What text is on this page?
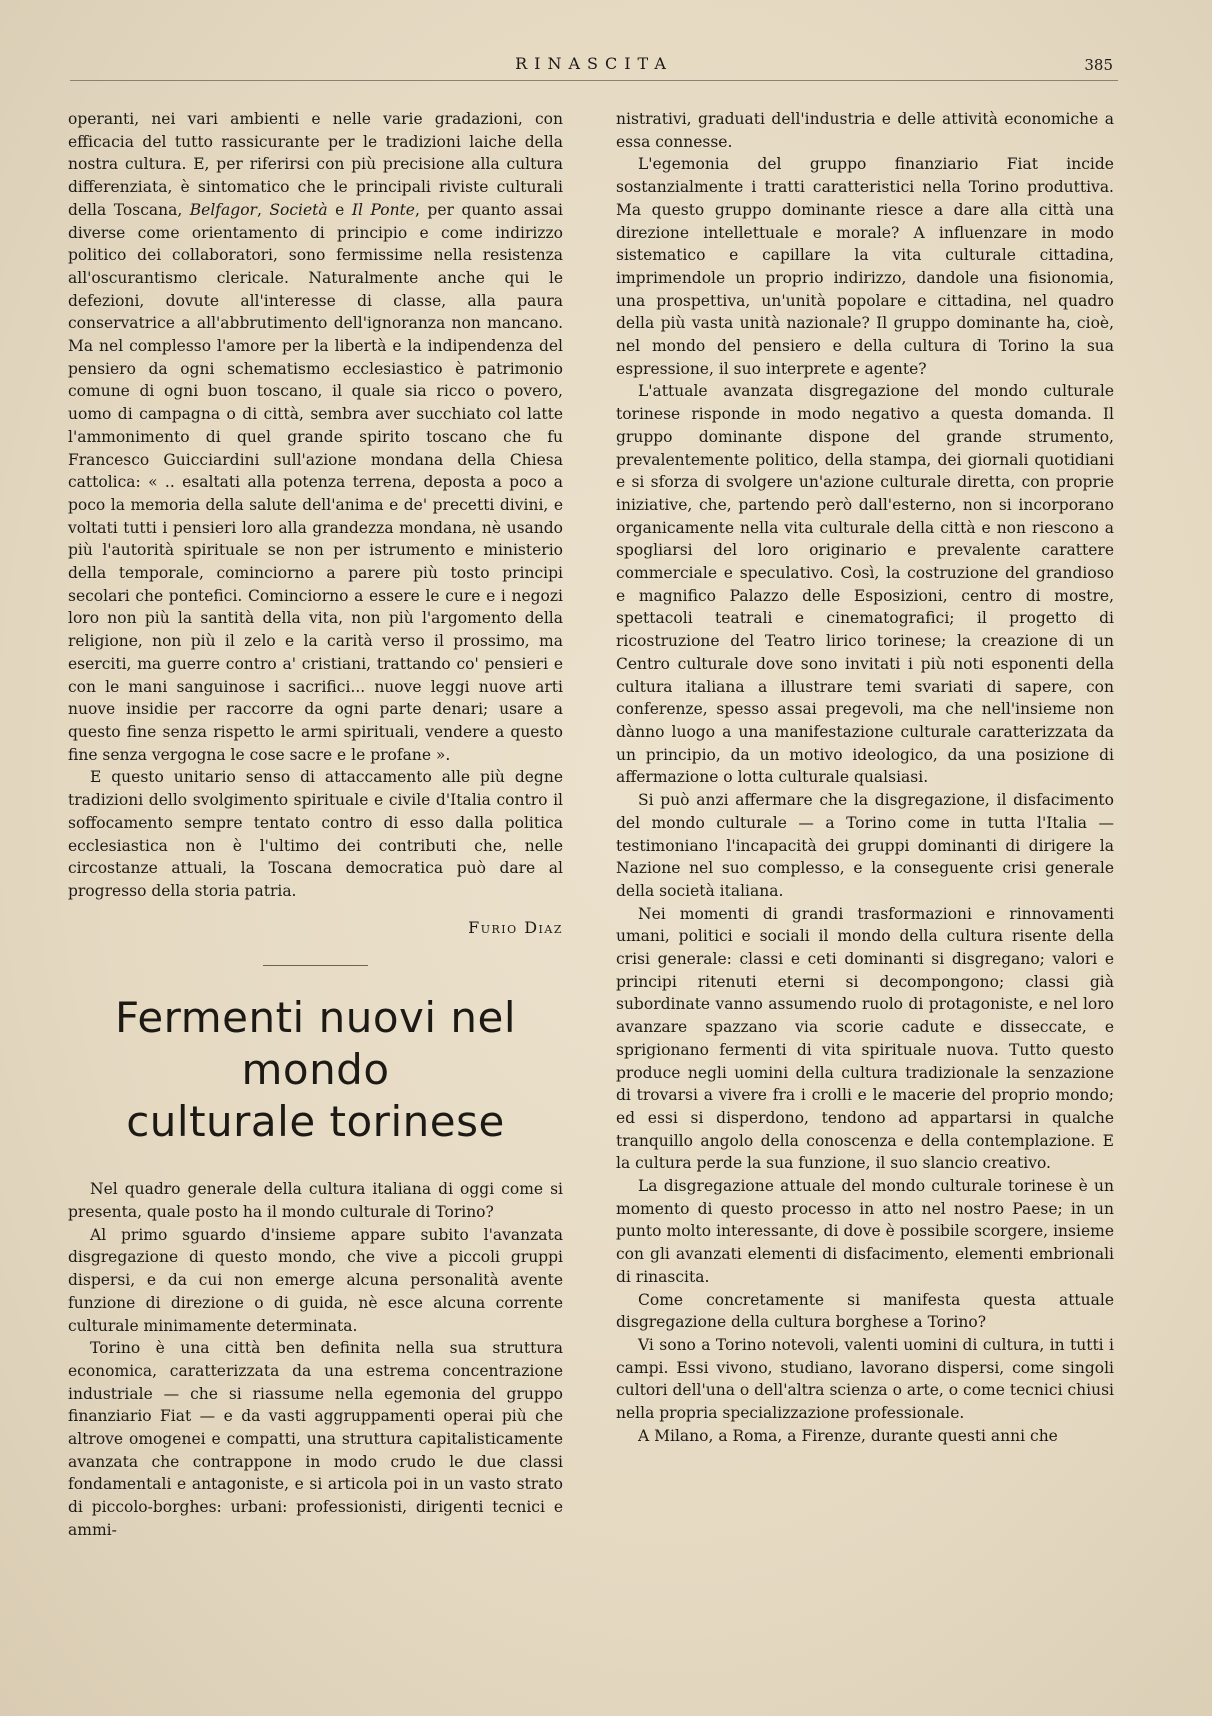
RINASCITA	385

operanti, nei vari ambienti e nelle varie gradazioni, con efficacia del tutto rassicurante per le tradizioni laiche della nostra cultura. E, per riferirsi con più precisione alla cultura differenziata, è sintomatico che le principali riviste culturali della Toscana, Belfagor, Società e Il Ponte, per quanto assai diverse come orientamento di principio e come indirizzo politico dei collaboratori, sono fermissime nella resistenza all'oscurantismo clericale. Naturalmente anche qui le defezioni, dovute all'interesse di classe, alla paura conservatrice a all'abbrutimento dell'ignoranza non mancano. Ma nel complesso l'amore per la libertà e la indipendenza del pensiero da ogni schematismo ecclesiastico è patrimonio comune di ogni buon toscano, il quale sia ricco o povero, uomo di campagna o di città, sembra aver succhiato col latte l'ammonimento di quel grande spirito toscano che fu Francesco Guicciardini sull'azione mondana della Chiesa cattolica: « .. esaltati alla potenza terrena, deposta a poco a poco la memoria della salute dell'anima e de' precetti divini, e voltati tutti i pensieri loro alla grandezza mondana, nè usando più l'autorità spirituale se non per istrumento e ministerio della temporale, cominciorno a parere più tosto principi secolari che pontefici. Cominciorno a essere le cure e i negozi loro non più la santità della vita, non più l'argomento della religione, non più il zelo e la carità verso il prossimo, ma eserciti, ma guerre contro a' cristiani, trattando co' pensieri e con le mani sanguinose i sacrifici... nuove leggi nuove arti nuove insidie per raccorre da ogni parte denari; usare a questo fine senza rispetto le armi spirituali, vendere a questo fine senza vergogna le cose sacre e le profane ».

E questo unitario senso di attaccamento alle più degne tradizioni dello svolgimento spirituale e civile d'Italia contro il soffocamento sempre tentato contro di esso dalla politica ecclesiastica non è l'ultimo dei contributi che, nelle circostanze attuali, la Toscana democratica può dare al progresso della storia patria.

Furio Diaz
Fermenti nuovi nel mondo
culturale torinese

Nel quadro generale della cultura italiana di oggi come si presenta, quale posto ha il mondo culturale di Torino?

Al primo sguardo d'insieme appare subito l'avanzata disgregazione di questo mondo, che vive a piccoli gruppi dispersi, e da cui non emerge alcuna personalità avente funzione di direzione o di guida, nè esce alcuna corrente culturale minimamente determinata.

Torino è una città ben definita nella sua struttura economica, caratterizzata da una estrema concentrazione industriale — che si riassume nella egemonia del gruppo finanziario Fiat — e da vasti aggruppamenti operai più che altrove omogenei e compatti, una struttura capitalisticamente avanzata che contrappone in modo crudo le due classi fondamentali e antagoniste, e si articola poi in un vasto strato di piccolo-borghes: urbani: professionisti, dirigenti tecnici e ammi-

nistrativi, graduati dell'industria e delle attività economiche a essa connesse.

L'egemonia del gruppo finanziario Fiat incide sostanzialmente i tratti caratteristici nella Torino produttiva. Ma questo gruppo dominante riesce a dare alla città una direzione intellettuale e morale? A influenzare in modo sistematico e capillare la vita culturale cittadina, imprimendole un proprio indirizzo, dandole una fisionomia, una prospettiva, un'unità popolare e cittadina, nel quadro della più vasta unità nazionale? Il gruppo dominante ha, cioè, nel mondo del pensiero e della cultura di Torino la sua espressione, il suo interprete e agente?

L'attuale avanzata disgregazione del mondo culturale torinese risponde in modo negativo a questa domanda. Il gruppo dominante dispone del grande strumento, prevalentemente politico, della stampa, dei giornali quotidiani e si sforza di svolgere un'azione culturale diretta, con proprie iniziative, che, partendo però dall'esterno, non si incorporano organicamente nella vita culturale della città e non riescono a spogliarsi del loro originario e prevalente carattere commerciale e speculativo. Così, la costruzione del grandioso e magnifico Palazzo delle Esposizioni, centro di mostre, spettacoli teatrali e cinematografici; il progetto di ricostruzione del Teatro lirico torinese; la creazione di un Centro culturale dove sono invitati i più noti esponenti della cultura italiana a illustrare temi svariati di sapere, con conferenze, spesso assai pregevoli, ma che nell'insieme non dànno luogo a una manifestazione culturale caratterizzata da un principio, da un motivo ideologico, da una posizione di affermazione o lotta culturale qualsiasi.

Si può anzi affermare che la disgregazione, il disfacimento del mondo culturale — a Torino come in tutta l'Italia — testimoniano l'incapacità dei gruppi dominanti di dirigere la Nazione nel suo complesso, e la conseguente crisi generale della società italiana.

Nei momenti di grandi trasformazioni e rinnovamenti umani, politici e sociali il mondo della cultura risente della crisi generale: classi e ceti dominanti si disgregano; valori e principi ritenuti eterni si decompongono; classi già subordinate vanno assumendo ruolo di protagoniste, e nel loro avanzare spazzano via scorie cadute e disseccate, e sprigionano fermenti di vita spirituale nuova. Tutto questo produce negli uomini della cultura tradizionale la senzazione di trovarsi a vivere fra i crolli e le macerie del proprio mondo; ed essi si disperdono, tendono ad appartarsi in qualche tranquillo angolo della conoscenza e della contemplazione. E la cultura perde la sua funzione, il suo slancio creativo.

La disgregazione attuale del mondo culturale torinese è un momento di questo processo in atto nel nostro Paese; in un punto molto interessante, di dove è possibile scorgere, insieme con gli avanzati elementi di disfacimento, elementi embrionali di rinascita.

Come concretamente si manifesta questa attuale disgregazione della cultura borghese a Torino?

Vi sono a Torino notevoli, valenti uomini di cultura, in tutti i campi. Essi vivono, studiano, lavorano dispersi, come singoli cultori dell'una o dell'altra scienza o arte, o come tecnici chiusi nella propria specializzazione professionale.

A Milano, a Roma, a Firenze, durante questi anni che
